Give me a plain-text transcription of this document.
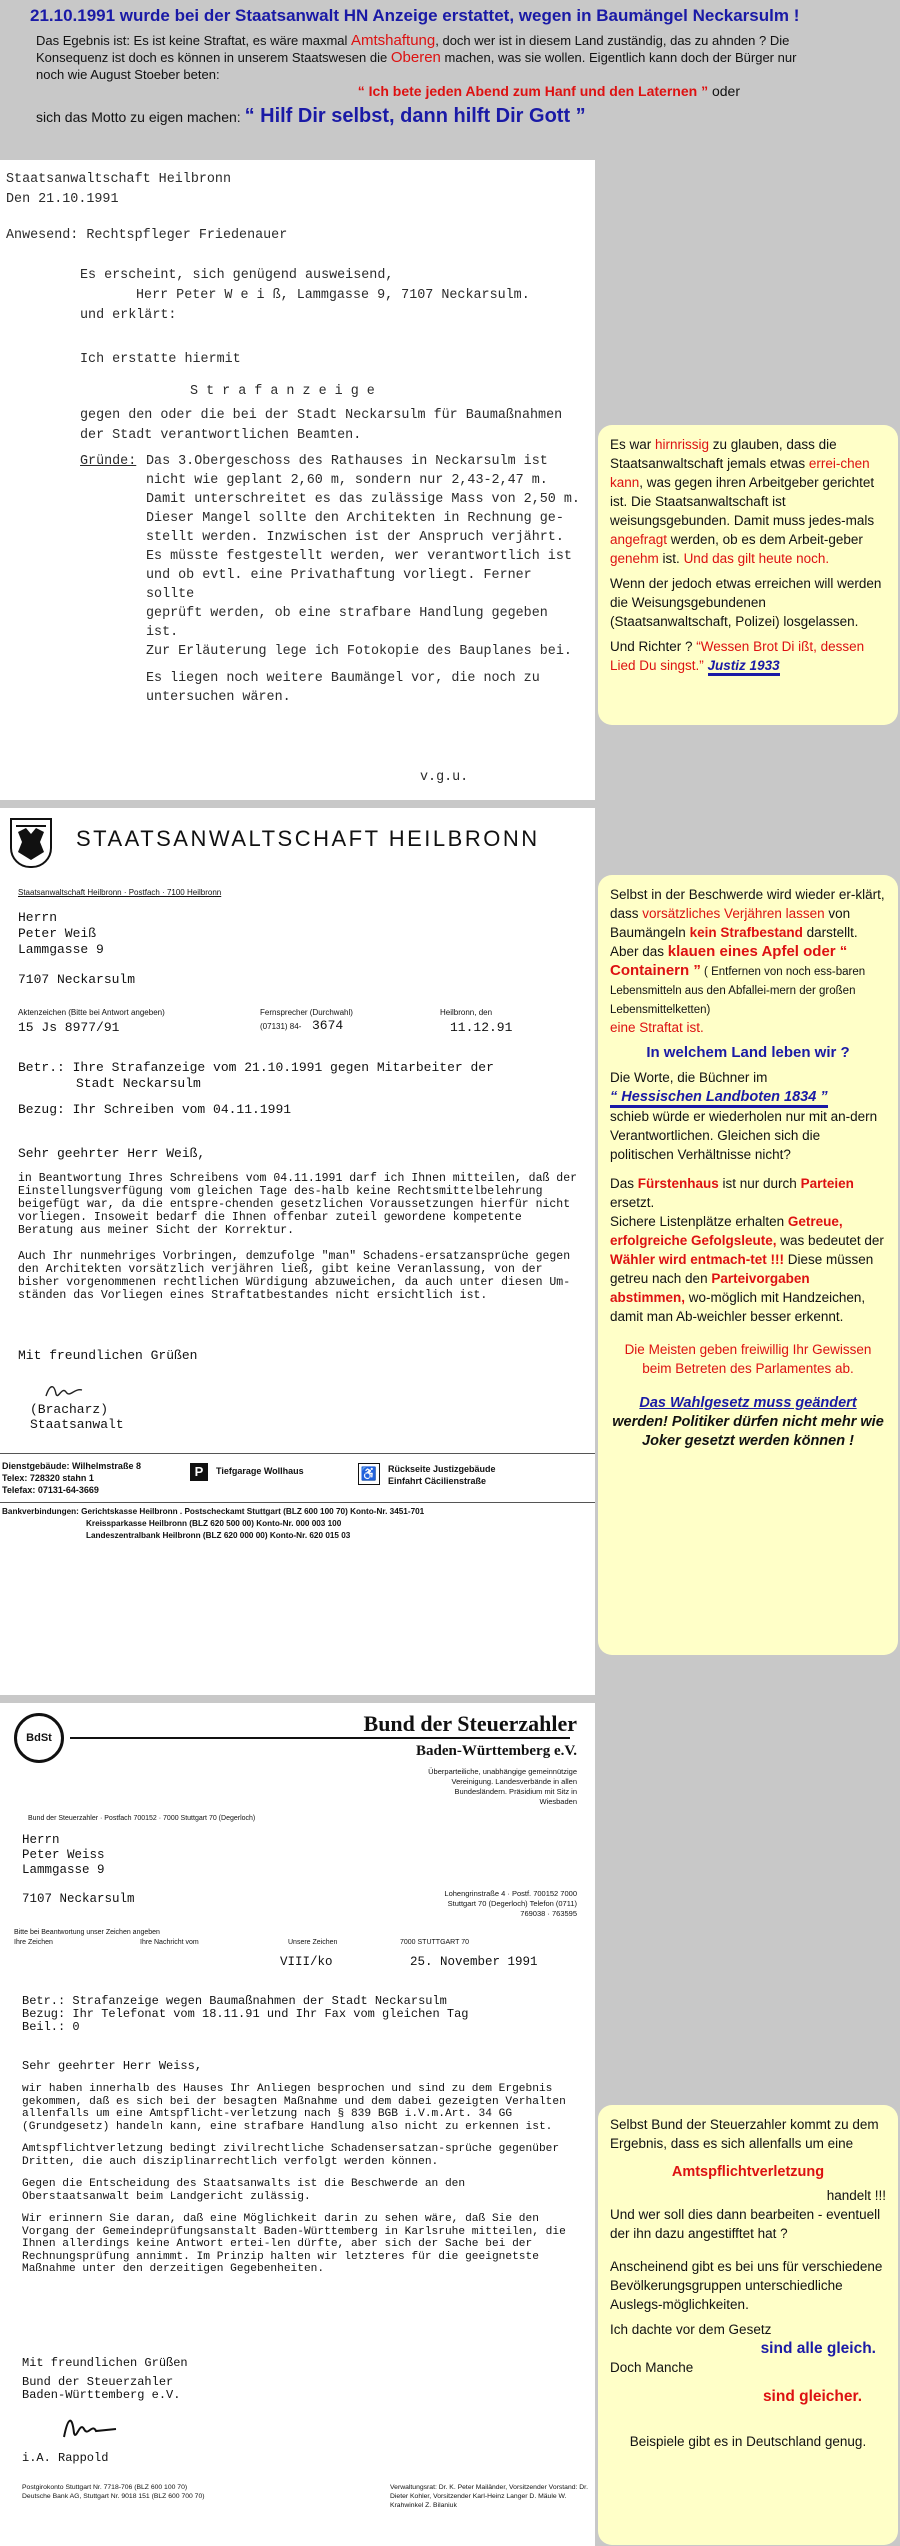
21.10.1991 wurde bei der Staatsanwalt HN Anzeige erstattet, wegen in Baumängel Neckarsulm !
Das Egebnis ist: Es ist keine Straftat, es wäre maxmal Amtshaftung, doch wer ist in diesem Land zuständig, das zu ahnden ? Die
Konsequenz ist doch es können in unserem Staatswesen die Oberen machen, was sie wollen. Eigentlich kann doch der Bürger nur
noch wie August Stoeber beten:
“ Ich bete jeden Abend zum Hanf und den Laternen ” oder
sich das Motto zu eigen machen: “ Hilf Dir selbst, dann hilft Dir Gott ”

Staatsanwaltschaft Heilbronn

Den 21.10.1991

Anwesend: Rechtspfleger Friedenauer

Es erscheint, sich genügend ausweisend,

Herr Peter W e i ß, Lammgasse 9, 7107 Neckarsulm.

und erklärt:

Ich erstatte hiermit

S t r a f a n z e i g e

gegen den oder die bei der Stadt Neckarsulm für Baumaßnahmen

der Stadt verantwortlichen Beamten.

Gründe: Das 3.Obergeschoss des Rathauses in Neckarsulm ist

nicht wie geplant 2,60 m, sondern nur 2,43-2,47 m.

Damit unterschreitet es das zulässige Mass von 2,50 m.

Dieser Mangel sollte den Architekten in Rechnung ge-

stellt werden. Inzwischen ist der Anspruch verjährt.

Es müsste festgestellt werden, wer verantwortlich ist

und ob evtl. eine Privathaftung vorliegt. Ferner sollte

geprüft werden, ob eine strafbare Handlung gegeben ist.

Zur Erläuterung lege ich Fotokopie des Bauplanes bei.

Es liegen noch weitere Baumängel vor, die noch zu

untersuchen wären.

v.g.u.

Es war hirnrissig zu glauben, dass die Staatsanwaltschaft jemals etwas errei-chen kann, was gegen ihren Arbeitgeber gerichtet ist. Die Staatsanwaltschaft ist weisungsgebunden. Damit muss jedes-mals angefragt werden, ob es dem Arbeit-geber genehm ist. Und das gilt heute noch.
Wenn der jedoch etwas erreichen will werden die Weisungsgebundenen (Staatsanwaltschaft, Polizei) losgelassen.
Und Richter ? “Wessen Brot Di ißt, dessen Lied Du singst.” Justiz 1933
STAATSANWALTSCHAFT HEILBRONN
Staatsanwaltschaft Heilbronn · Postfach · 7100 Heilbronn
Herrn
Peter Weiß
Lammgasse 9
7107 Neckarsulm
Aktenzeichen (Bitte bei Antwort angeben)
15 Js 8977/91
Fernsprecher (Durchwahl)
(07131) 84- 3674
Heilbronn, den
11.12.91
Betr.: Ihre Strafanzeige vom 21.10.1991 gegen Mitarbeiter der
Stadt Neckarsulm
Bezug: Ihr Schreiben vom 04.11.1991
Sehr geehrter Herr Weiß,
in Beantwortung Ihres Schreibens vom 04.11.1991 darf ich Ihnen mitteilen, daß der Einstellungsverfügung vom gleichen Tage des-halb keine Rechtsmittelbelehrung beigefügt war, da die entspre-chenden gesetzlichen Voraussetzungen hierfür nicht vorliegen. Insoweit bedarf die Ihnen offenbar zuteil gewordene kompetente Beratung aus meiner Sicht der Korrektur.
Auch Ihr nunmehriges Vorbringen, demzufolge "man" Schadens-ersatzansprüche gegen den Architekten vorsätzlich verjähren ließ, gibt keine Veranlassung, von der bisher vorgenommenen rechtlichen Würdigung abzuweichen, da auch unter diesen Um-ständen das Vorliegen eines Straftatbestandes nicht ersichtlich ist.
Mit freundlichen Grüßen
(Bracharz)
Staatsanwalt
Dienstgebäude: Wilhelmstraße 8
Telex: 728320 stahn 1
Telefax: 07131-64-3669
P	Tiefgarage Wollhaus	♿	Rückseite Justizgebäude
Einfahrt Cäcilienstraße
Bankverbindungen: Gerichtskasse Heilbronn . Postscheckamt Stuttgart (BLZ 600 100 70) Konto-Nr. 3451-701
Kreissparkasse Heilbronn (BLZ 620 500 00) Konto-Nr. 000 003 100
Landeszentralbank Heilbronn (BLZ 620 000 00) Konto-Nr. 620 015 03
Selbst in der Beschwerde wird wieder er-klärt, dass vorsätzliches Verjähren lassen von Baumängeln kein Strafbestand darstellt.
Aber das klauen eines Apfel oder “ Containern ” ( Entfernen von noch ess-baren Lebensmitteln aus den Abfallei-mern der großen Lebensmittelketten)
eine Straftat ist.
In welchem Land leben wir ?
Die Worte, die Büchner im
“ Hessischen Landboten 1834 ”
schieb würde er wiederholen nur mit an-dern Verantwortlichen. Gleichen sich die politischen Verhältnisse nicht?
Das Fürstenhaus ist nur durch Parteien ersetzt.
Sichere Listenplätze erhalten Getreue, erfolgreiche Gefolgsleute, was bedeutet der Wähler wird entmach-tet !!! Diese müssen getreu nach den Parteivorgaben abstimmen, wo-möglich mit Handzeichen, damit man Ab-weichler besser erkennt.
Die Meisten geben freiwillig Ihr Gewissen beim Betreten des Parlamentes ab.
Das Wahlgesetz muss geändert werden! Politiker dürfen nicht mehr wie Joker gesetzt werden können !
BdSt
Bund der Steuerzahler
Baden-Württemberg e.V.
Überparteiliche, unabhängige gemeinnützige Vereinigung. Landesverbände in allen Bundesländern. Präsidium mit Sitz in Wiesbaden
Bund der Steuerzahler · Postfach 700152 · 7000 Stuttgart 70 (Degerloch)
Herrn
Peter Weiss
Lammgasse 9
7107 Neckarsulm	Lohengrinstraße 4 · Postf. 700152 7000 Stuttgart 70 (Degerloch) Telefon (0711) 769038 · 763595
Bitte bei Beantwortung unser Zeichen angeben
Ihre Zeichen	Ihre Nachricht vom	Unsere Zeichen	7000 STUTTGART 70
VIII/ko	25. November 1991
Betr.: Strafanzeige wegen Baumaßnahmen der Stadt Neckarsulm
Bezug: Ihr Telefonat vom 18.11.91 und Ihr Fax vom gleichen Tag
Beil.: 0
Sehr geehrter Herr Weiss,

wir haben innerhalb des Hauses Ihr Anliegen besprochen und sind zu dem Ergebnis gekommen, daß es sich bei der besagten Maßnahme und dem dabei gezeigten Verhalten allenfalls um eine Amtspflicht-verletzung nach § 839 BGB i.V.m.Art. 34 GG (Grundgesetz) handeln kann, eine strafbare Handlung also nicht zu erkennen ist.

Amtspflichtverletzung bedingt zivilrechtliche Schadensersatzan-sprüche gegenüber Dritten, die auch disziplinarrechtlich verfolgt werden können.

Gegen die Entscheidung des Staatsanwalts ist die Beschwerde an den Oberstaatsanwalt beim Landgericht zulässig.

Wir erinnern Sie daran, daß eine Möglichkeit darin zu sehen wäre, daß Sie den Vorgang der Gemeindeprüfungsanstalt Baden-Württemberg in Karlsruhe mitteilen, die Ihnen allerdings keine Antwort ertei-len dürfte, aber sich der Sache bei der Rechnungsprüfung annimmt. Im Prinzip halten wir letzteres für die geeignetste Maßnahme unter den derzeitigen Gegebenheiten.

Mit freundlichen Grüßen
Bund der Steuerzahler
Baden-Württemberg e.V.
i.A. Rappold
Postgirokonto Stuttgart Nr. 7718-706 (BLZ 600 100 70) Deutsche Bank AG, Stuttgart Nr. 9018 151 (BLZ 600 700 70)
Verwaltungsrat: Dr. K. Peter Mailänder, Vorsitzender Vorstand: Dr. Dieter Kohler, Vorsitzender Karl-Heinz Langer D. Mäule W. Krahwinkel Z. Bilaniuk
Selbst Bund der Steuerzahler kommt zu dem Ergebnis, dass es sich allenfalls um eine
Amtspflichtverletzung
handelt !!!
Und wer soll dies dann bearbeiten - eventuell der ihn dazu angestifftet hat ?
Anscheinend gibt es bei uns für verschiedene Bevölkerungsgruppen unterschiedliche Auslegs-möglichkeiten.
Ich dachte vor dem Gesetz
sind alle gleich.
Doch Manche
sind gleicher.
Beispiele gibt es in Deutschland genug.
